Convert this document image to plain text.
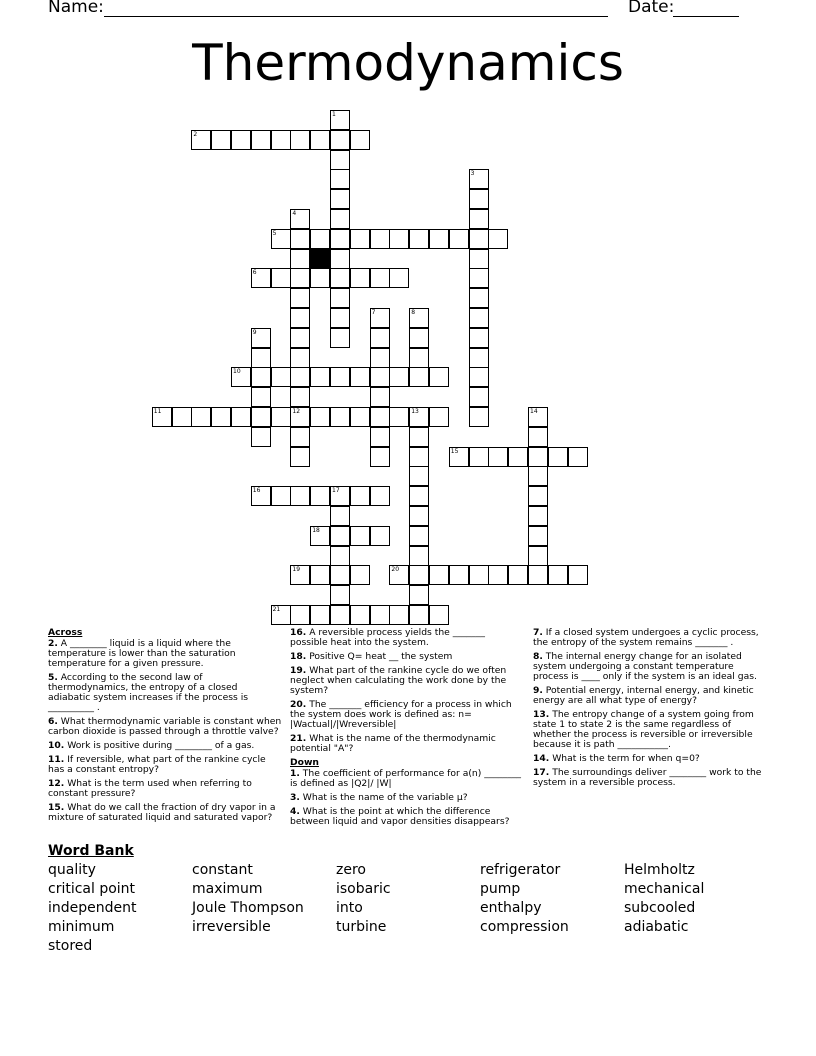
Name:	Date:
Thermodynamics
1
2
3
4
12
5
6
7	8
9
10
11	13	14
15
16	17
18
19	20
21

Across

2. A ________ liquid is a liquid where the temperature is lower than the saturation temperature for a given pressure.

5. According to the second law of thermodynamics, the entropy of a closed adiabatic system increases if the process is __________ .

6. What thermodynamic variable is constant when carbon dioxide is passed through a throttle valve?

10. Work is positive during ________ of a gas.

11. If reversible, what part of the rankine cycle has a constant entropy?

12. What is the term used when referring to constant pressure?

15. What do we call the fraction of dry vapor in a mixture of saturated liquid and saturated vapor?

16. A reversible process yields the _______ possible heat into the system.

18. Positive Q= heat __ the system

19. What part of the rankine cycle do we often neglect when calculating the work done by the system?

20. The _______ efficiency for a process in which the system does work is defined as: n= |Wactual|/|Wreversible|

21. What is the name of the thermodynamic potential "A"?

Down

1. The coefficient of performance for a(n) ________ is defined as |Q2|/ |W|

3. What is the name of the variable μ?

4. What is the point at which the difference between liquid and vapor densities disappears?

7. If a closed system undergoes a cyclic process, the entropy of the system remains _______ .

8. The internal energy change for an isolated system undergoing a constant temperature process is ____ only if the system is an ideal gas.

9. Potential energy, internal energy, and kinetic energy are all what type of energy?

13. The entropy change of a system going from state 1 to state 2 is the same regardless of whether the process is reversible or irreversible because it is path ___________.

14. What is the term for when q=0?

17. The surroundings deliver ________ work to the system in a reversible process.

Word Bank
quality	constant	zero	refrigerator	Helmholtz
critical point	maximum	isobaric	pump	mechanical
independent	Joule Thompson	into	enthalpy	subcooled
minimum	irreversible	turbine	compression	adiabatic
stored
